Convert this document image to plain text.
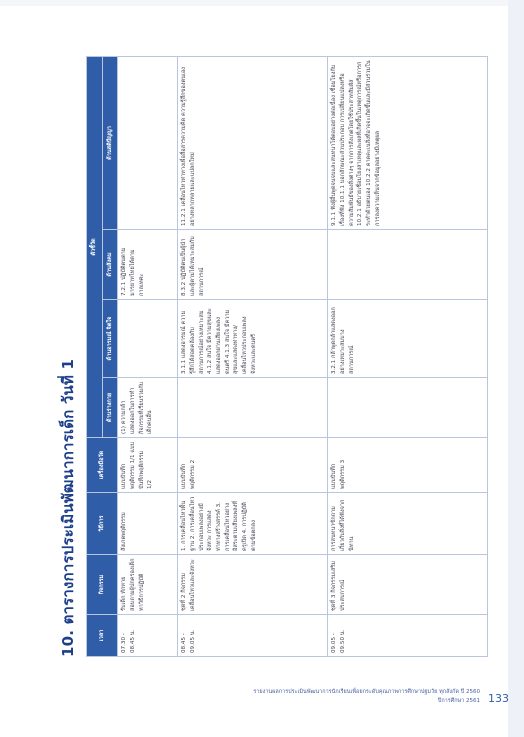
10. ตารางการประเมินพัฒนาการเด็ก วันที่ 1	เวลา	กิจกรรม	วิธีการ	เครื่องมือวัด	ตัวชี้วัด			
				ด้านร่างกาย	ด้านอารมณ์ จิตใจ	ด้านสังคม	ด้านสติปัญญา
07.30 - 08.45 น.	รับเด็ก ทักทายสอบถามผู้ปกครองเด็กหาวิธีการปฏิบัติ	สังเกตพฤติกรรม	แบบบันทึกพฤติกรรม 1/1 แบบบันทึกพฤติกรรม 1/2	(1) ความกล้าแสดงออกในการทำกิจกรรมที่เรียนร่วมกับเด็กคนอื่น		7.2.1 ปฏิบัติตนตามมารยาทไทยได้ตามกาลเทศะ	
08.45 - 09.05 น.	ชุดที่ 2 กิจกรรมเคลื่อนไหวและจังหวะ	1. การเคลื่อนไหวพื้นฐาน 2. การเคลื่อนไหวประกอบเพลงอย่างมีจังหวะ การแสดงท่าทางสร้างสรรค์ 3. การเคลื่อนไหวอย่างอิสระตามเสียงเพลงที่ครูเปิด 4. การปฏิบัติตามข้อตกลง	แบบบันทึกพฤติกรรม 2		3.1.1 แสดงอารมณ์ ความรู้สึกได้สอดคล้องกับสถานการณ์อย่างเหมาะสม 4.1.2 สนใจ มีความสุขและแสดงออกผ่านเสียงเพลง ดนตรี 4.1.3 สนใจ มีความสุขและแสดงท่าทาง/เคลื่อนไหวประกอบเพลง จังหวะและดนตรี	8.3.2 ปฏิบัติตนเป็นผู้นำและผู้ตามได้เหมาะสมกับสถานการณ์	11.2.1 เคลื่อนไหวท่าทางเพื่อสื่อสารความคิด ความรู้สึกของตนเองอย่างหลากหลายและแปลกใหม่
09.05 - 09.50 น.	ชุดที่ 3 กิจกรรมเสริมประสบการณ์	การสนทนาซักถามเกี่ยวกับสิ่งที่ได้ฟังจากนิทาน	แบบบันทึกพฤติกรรม 3		3.2.1 กล้าพูดกล้าแสดงออกอย่างเหมาะสมบางสถานการณ์		9.1.1 ฟังผู้อื่นพูดจนจบและสนทนาโต้ตอบอย่างต่อเนื่อง เชื่อมโยงกับเรื่องที่ฟัง 10.1.1 บอกลักษณะส่วนประกอบ การเปลี่ยนแปลงหรือความสัมพันธ์ของสิ่งต่างๆ จากการสังเกตโดยใช้ประสาทสัมผัส 10.2.1 อธิบายเชื่อมโยงสาเหตุและผลที่เกิดขึ้นในเหตุการณ์หรือการกระทำด้วยตนเอง 10.2.2 คาดคะเนสิ่งที่อาจจะเกิดขึ้นและมีส่วนร่วมในการลงความเห็นจากข้อมูลอย่างมีเหตุผล
รายงานผลการประเมินพัฒนาการนักเรียนเพื่อยกระดับคุณภาพการศึกษาปฐมวัย ทุกสังกัด ปี 2560
ปีการศึกษา 2561 133
